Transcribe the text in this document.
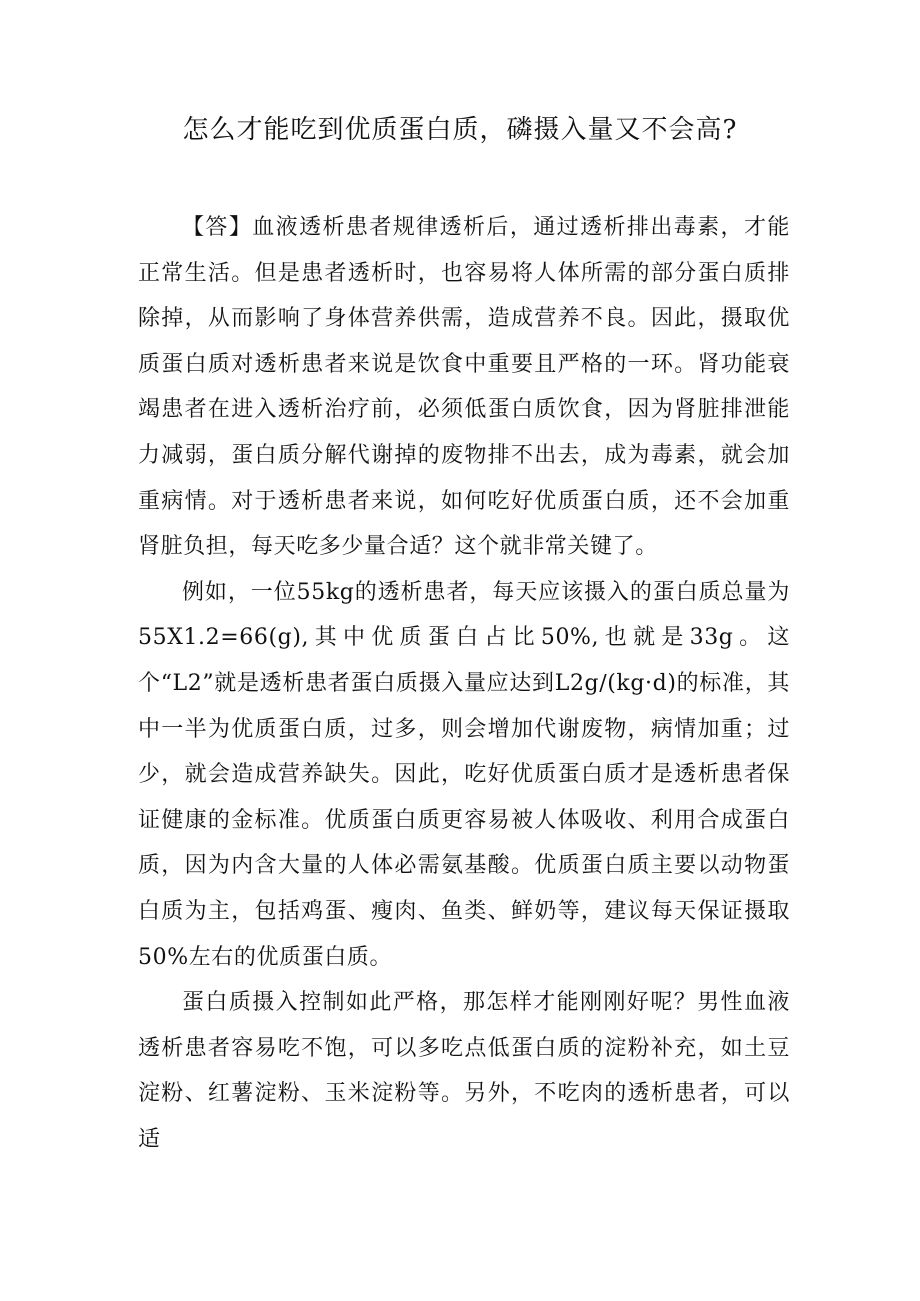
怎么才能吃到优质蛋白质，磷摄入量又不会高?

【答】血液透析患者规律透析后，通过透析排出毒素，才能正常生活。但是患者透析时，也容易将人体所需的部分蛋白质排除掉，从而影响了身体营养供需，造成营养不良。因此，摄取优质蛋白质对透析患者来说是饮食中重要且严格的一环。肾功能衰竭患者在进入透析治疗前，必须低蛋白质饮食，因为肾脏排泄能力减弱，蛋白质分解代谢掉的废物排不出去，成为毒素，就会加重病情。对于透析患者来说，如何吃好优质蛋白质，还不会加重肾脏负担，每天吃多少量合适？这个就非常关键了。

例如，一位55kg的透析患者，每天应该摄入的蛋白质总量为55X1.2=66(g),其中优质蛋白占比50%,也就是33g。这个“L2”就是透析患者蛋白质摄入量应达到L2g∕(kg·d)的标准，其中一半为优质蛋白质，过多，则会增加代谢废物，病情加重；过少，就会造成营养缺失。因此，吃好优质蛋白质才是透析患者保证健康的金标准。优质蛋白质更容易被人体吸收、利用合成蛋白质，因为内含大量的人体必需氨基酸。优质蛋白质主要以动物蛋白质为主，包括鸡蛋、瘦肉、鱼类、鲜奶等，建议每天保证摄取50%左右的优质蛋白质。

蛋白质摄入控制如此严格，那怎样才能刚刚好呢？男性血液透析患者容易吃不饱，可以多吃点低蛋白质的淀粉补充，如土豆淀粉、红薯淀粉、玉米淀粉等。另外，不吃肉的透析患者，可以适
